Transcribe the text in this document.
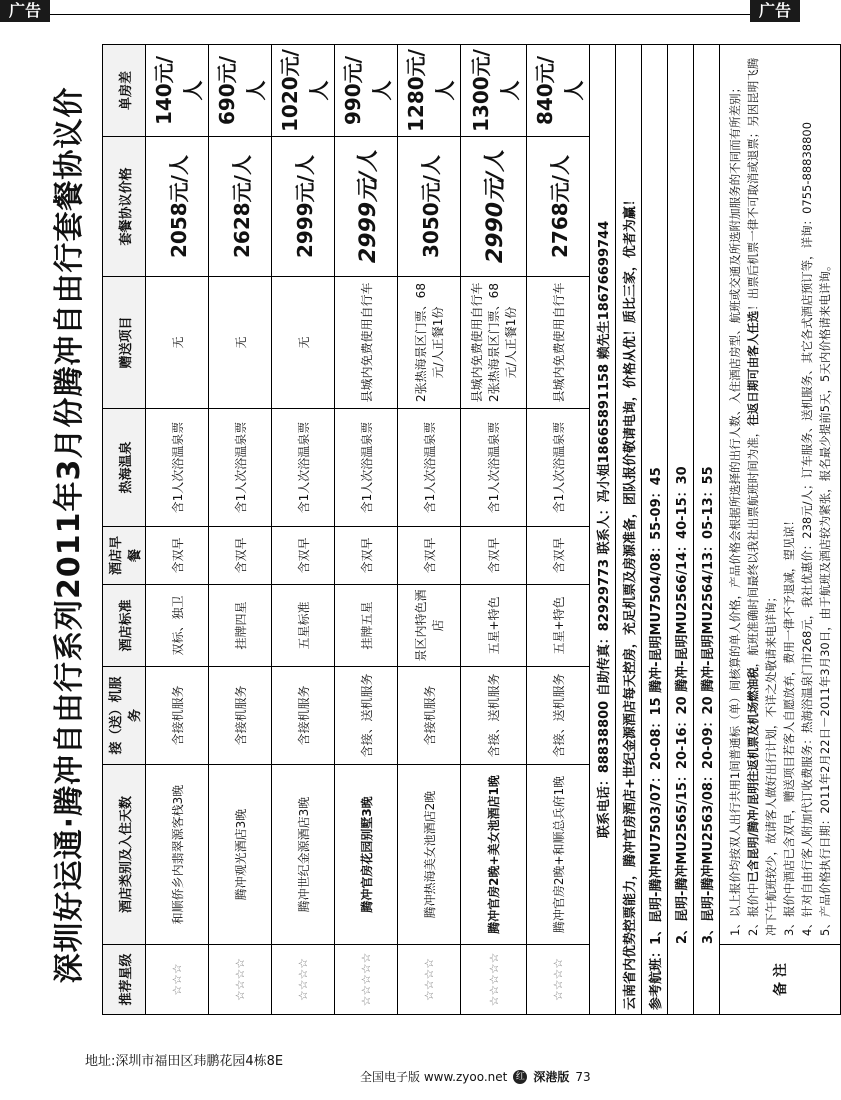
广告	广告
深圳好运通·腾冲自由行系列2011年3月份腾冲自由行套餐协议价	推荐星级	酒店类别及入住天数	接（送）机服务	酒店标准	酒店早餐	热海温泉	赠送项目	套餐协议价格	单房差
☆☆☆	和顺侨乡内翡翠源客栈3晚	含接机服务	双标、独卫	含双早	含1人次浴温泉票	无	2058元/人	140元/人
☆☆☆☆	腾冲观光酒店3晚	含接机服务	挂牌四星	含双早	含1人次浴温泉票	无	2628元/人	690元/人
☆☆☆☆	腾冲世纪金源酒店3晚	含接机服务	五星标准	含双早	含1人次浴温泉票	无	2999元/人	1020元/人
☆☆☆☆☆	腾冲官房花园别墅3晚	含接、送机服务	挂牌五星	含双早	含1人次浴温泉票	县城内免费使用自行车	2999元/人	990元/人
☆☆☆☆	腾冲热海美女池酒店2晚	含接机服务	景区内特色酒店	含双早	含1人次浴温泉票	2张热海景区门票、68元/人正餐1份	3050元/人	1280元/人
☆☆☆☆☆	腾冲官房2晚+美女池酒店1晚	含接、送机服务	五星+特色	含双早	含1人次浴温泉票	县城内免费使用自行车 2张热海景区门票、68元/人正餐1份	2990元/人	1300元/人
☆☆☆☆	腾冲官房2晚+和顺总兵府1晚	含接、送机服务	五星+特色	含双早	含1人次浴温泉票	县城内免费使用自行车	2768元/人	840元/人
联系电话：88838800 自助传真：82929773 联系人：冯小姐18665891158 赖先生18676699744								
云南省内优势控票能力，腾冲官房酒店+世纪金源酒店每天控房，充足机票及房源准备，团队报价敬请电询，价格从优！质比三家，优者为赢！								
参考航班：1、昆明-腾冲MU7503/07：20-08：15 腾冲-昆明MU7504/08：55-09：45								
2、昆明-腾冲MU2565/15：20-16：20 腾冲-昆明MU2566/14：40-15：30								
3、昆明-腾冲MU2563/08：20-09：20 腾冲-昆明MU2564/13：05-13：55								
备 注	1、以上报价均按双人出行共用1间普通标（单）间核算的单人价格，产品价格会根据所选择的出行人数、入住酒店房型、航班或交通及所选附加服务的不同而有所差别； 2、报价中已含昆明/腾冲/昆明往返机票及机场燃油税，航班准确时间最终以我社出票航班时间为准，往返日期可由客人任选！出票后机票一律不可取消或退票；另因昆明飞腾冲下午航班较少，故请客人做好出行计划，不详之处敬请来电详询； 3、报价中酒店已含双早，赠送项目若客人自愿放弃，费用一律不予退减，望见谅！ 4、针对自由行客人附加代订收费服务：热海浴温泉门市268元，我社优惠价：238元/人；订车服务、送机服务、其它各式酒店预订等，详询：0755-88838800 5、产品价格执行日期：2011年2月22日－2011年3月30日，由于航班及酒店较为紧张，报名最少提前5天，5天内价格请来电详询。							
地址:深圳市福田区玮鹏花园4栋8E
全国电子版 www.zyoo.net 红 深港版 73
